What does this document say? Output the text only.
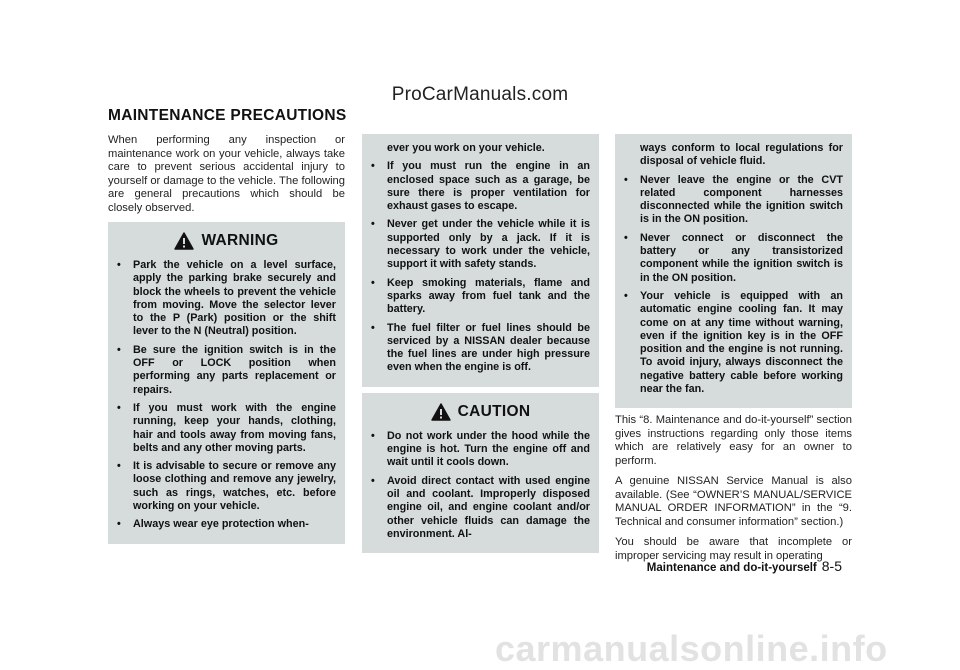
ProCarManuals.com
MAINTENANCE PRECAUTIONS

When performing any inspection or maintenance work on your vehicle, always take care to prevent serious accidental injury to yourself or damage to the vehicle. The following are general precautions which should be closely observed.

WARNING
•	Park the vehicle on a level surface, apply the parking brake securely and block the wheels to prevent the vehicle from moving. Move the selector lever to the P (Park) position or the shift lever to the N (Neutral) position.
•	Be sure the ignition switch is in the OFF or LOCK position when performing any parts replacement or repairs.
•	If you must work with the engine running, keep your hands, clothing, hair and tools away from moving fans, belts and any other moving parts.
•	It is advisable to secure or remove any loose clothing and remove any jewelry, such as rings, watches, etc. before working on your vehicle.
•	Always wear eye protection when-

ever you work on your vehicle.

•	If you must run the engine in an enclosed space such as a garage, be sure there is proper ventilation for exhaust gases to escape.
•	Never get under the vehicle while it is supported only by a jack. If it is necessary to work under the vehicle, support it with safety stands.
•	Keep smoking materials, flame and sparks away from fuel tank and the battery.
•	The fuel filter or fuel lines should be serviced by a NISSAN dealer because the fuel lines are under high pressure even when the engine is off.
CAUTION
•	Do not work under the hood while the engine is hot. Turn the engine off and wait until it cools down.
•	Avoid direct contact with used engine oil and coolant. Improperly disposed engine oil, and engine coolant and/or other vehicle fluids can damage the environment. Al-

ways conform to local regulations for disposal of vehicle fluid.

•	Never leave the engine or the CVT related component harnesses disconnected while the ignition switch is in the ON position.
•	Never connect or disconnect the battery or any transistorized component while the ignition switch is in the ON position.
•	Your vehicle is equipped with an automatic engine cooling fan. It may come on at any time without warning, even if the ignition key is in the OFF position and the engine is not running. To avoid injury, always disconnect the negative battery cable before working near the fan.

This “8. Maintenance and do-it-yourself” section gives instructions regarding only those items which are relatively easy for an owner to perform.

A genuine NISSAN Service Manual is also available. (See “OWNER’S MANUAL/SERVICE MANUAL ORDER INFORMATION” in the “9. Technical and consumer information” section.)

You should be aware that incomplete or improper servicing may result in operating

Maintenance and do-it-yourself 8-5
carmanualsonline.info
